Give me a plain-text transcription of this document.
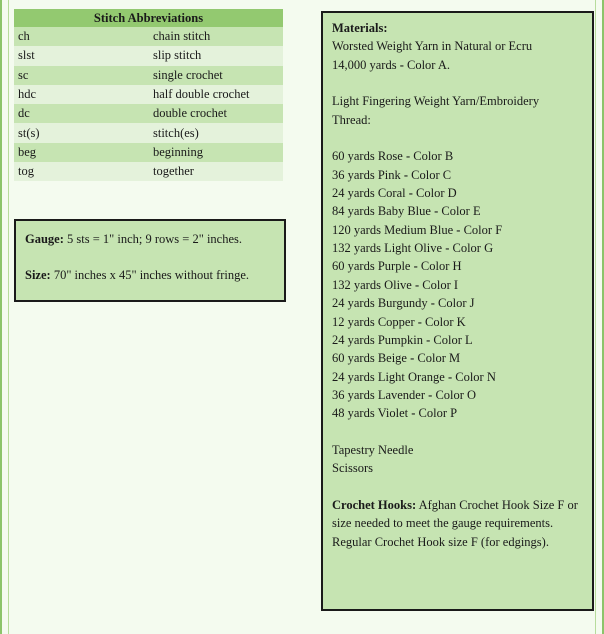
Stitch Abbreviations	
ch	chain stitch
slst	slip stitch
sc	single crochet
hdc	half double crochet
dc	double crochet
st(s)	stitch(es)
beg	beginning
tog	together

Gauge: 5 sts = 1" inch; 9 rows = 2" inches.

Size: 70" inches x 45" inches without fringe.

Materials:
Worsted Weight Yarn in Natural or Ecru
14,000 yards - Color A.
Light Fingering Weight Yarn/Embroidery
Thread:
60 yards Rose - Color B
36 yards Pink - Color C
24 yards Coral - Color D
84 yards Baby Blue - Color E
120 yards Medium Blue - Color F
132 yards Light Olive - Color G
60 yards Purple - Color H
132 yards Olive - Color I
24 yards Burgundy - Color J
12 yards Copper - Color K
24 yards Pumpkin - Color L
60 yards Beige - Color M
24 yards Light Orange - Color N
36 yards Lavender - Color O
48 yards Violet - Color P
Tapestry Needle
Scissors
Crochet Hooks: Afghan Crochet Hook Size F or
size needed to meet the gauge requirements.
Regular Crochet Hook size F (for edgings).
